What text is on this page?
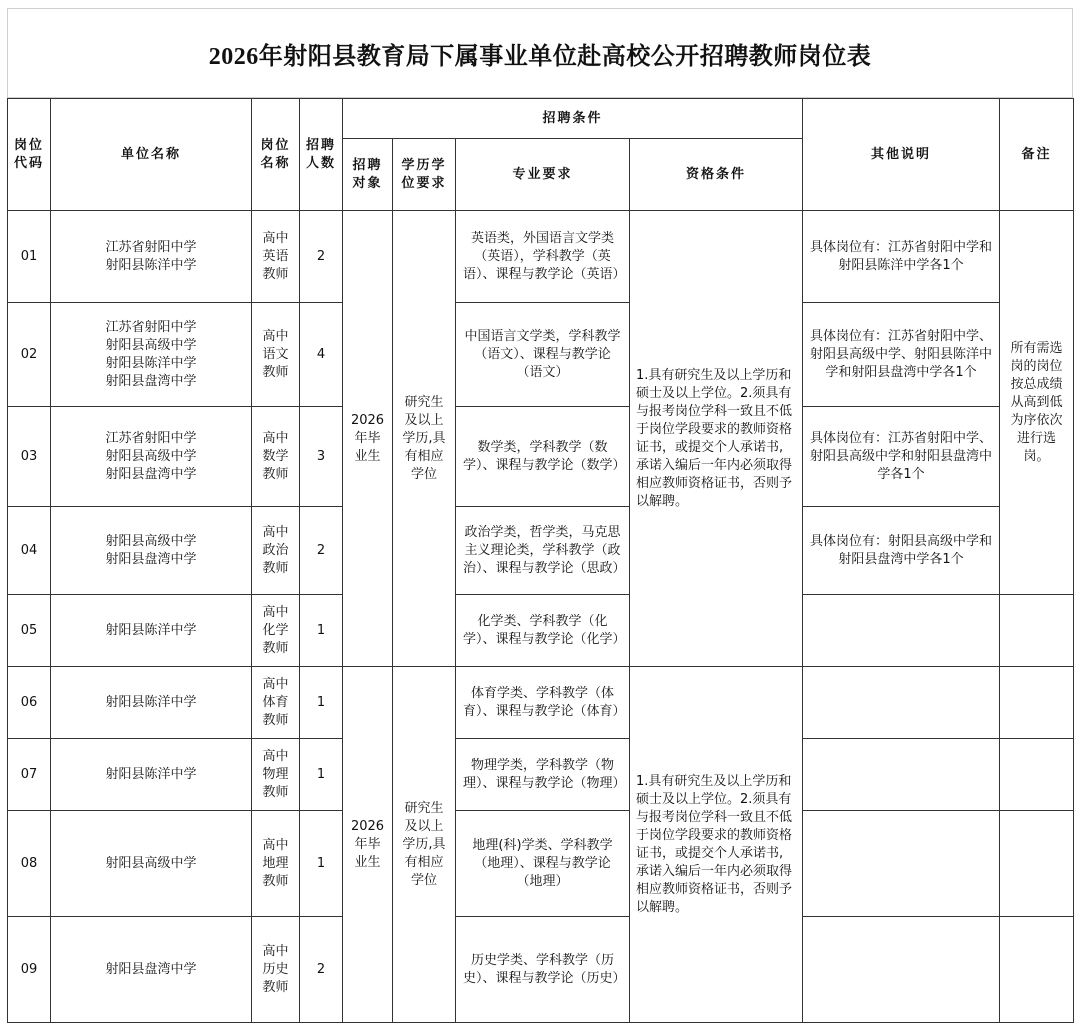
2026年射阳县教育局下属事业单位赴高校公开招聘教师岗位表
岗位代码	单位名称	岗位名称	招聘人数	招聘条件				其他说明	备注
				招聘对象	学历学位要求	专业要求	资格条件		
01	江苏省射阳中学
射阳县陈洋中学	高中英语教师	2	2026年毕业生	研究生及以上学历,具有相应学位	英语类，外国语言文学类（英语），学科教学（英语）、课程与教学论（英语）	1.具有研究生及以上学历和硕士及以上学位。2.须具有与报考岗位学科一致且不低于岗位学段要求的教师资格证书，或提交个人承诺书,承诺入编后一年内必须取得相应教师资格证书，否则予以解聘。	具体岗位有：江苏省射阳中学和射阳县陈洋中学各1个	所有需选岗的岗位按总成绩从高到低为序依次进行选岗。
02	江苏省射阳中学
射阳县高级中学
射阳县陈洋中学
射阳县盘湾中学	高中语文教师	4			中国语言文学类，学科教学（语文）、课程与教学论（语文）		具体岗位有：江苏省射阳中学、射阳县高级中学、射阳县陈洋中学和射阳县盘湾中学各1个	
03	江苏省射阳中学
射阳县高级中学
射阳县盘湾中学	高中数学教师	3			数学类，学科教学（数学）、课程与教学论（数学）		具体岗位有：江苏省射阳中学、射阳县高级中学和射阳县盘湾中学各1个	
04	射阳县高级中学
射阳县盘湾中学	高中政治教师	2			政治学类，哲学类，马克思主义理论类，学科教学（政治）、课程与教学论（思政）		具体岗位有：射阳县高级中学和射阳县盘湾中学各1个	
05	射阳县陈洋中学	高中化学教师	1			化学类、学科教学（化学）、课程与教学论（化学）			
06	射阳县陈洋中学	高中体育教师	1	2026年毕业生	研究生及以上学历,具有相应学位	体育学类、学科教学（体育）、课程与教学论（体育）	1.具有研究生及以上学历和硕士及以上学位。2.须具有与报考岗位学科一致且不低于岗位学段要求的教师资格证书，或提交个人承诺书,承诺入编后一年内必须取得相应教师资格证书，否则予以解聘。		
07	射阳县陈洋中学	高中物理教师	1			物理学类，学科教学（物理）、课程与教学论（物理）			
08	射阳县高级中学	高中地理教师	1			地理(科)学类、学科教学（地理）、课程与教学论（地理）			
09	射阳县盘湾中学	高中历史教师	2			历史学类、学科教学（历史）、课程与教学论（历史）			
